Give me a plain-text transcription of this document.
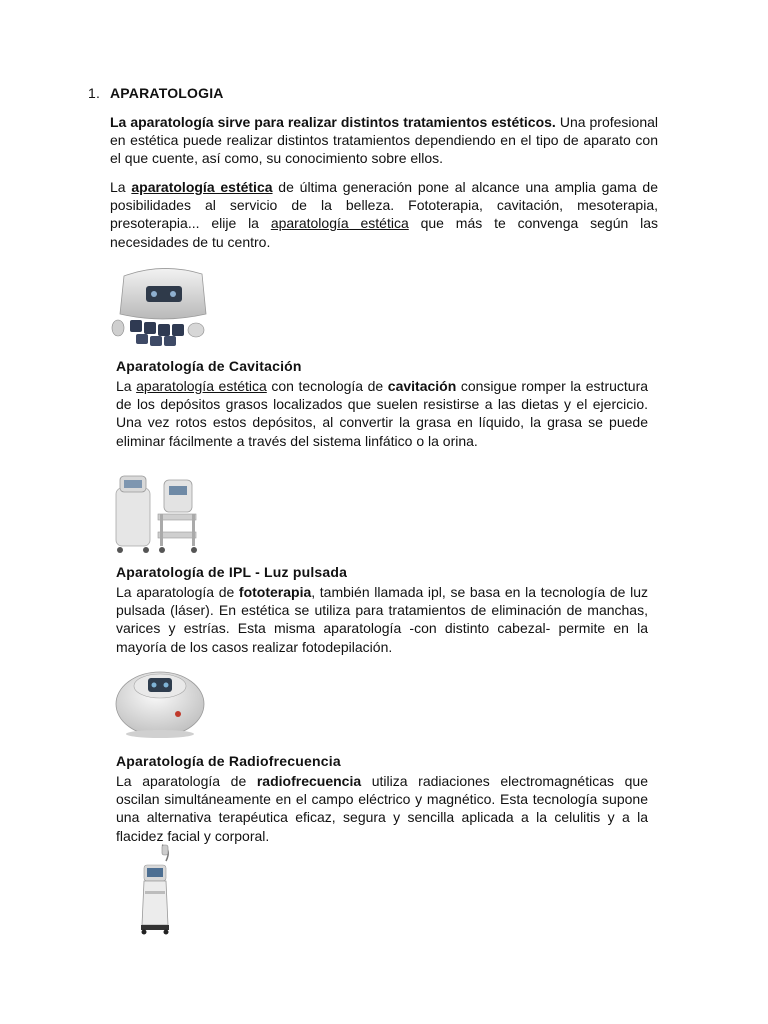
1. APARATOLOGIA
La aparatología sirve para realizar distintos tratamientos estéticos. Una profesional en estética puede realizar distintos tratamientos dependiendo en el tipo de aparato con el que cuente, así como, su conocimiento sobre ellos.
La aparatología estética de última generación pone al alcance una amplia gama de posibilidades al servicio de la belleza. Fototerapia, cavitación, mesoterapia, presoterapia... elije la aparatología estética que más te convenga según las necesidades de tu centro.
Aparatología de Cavitación
La aparatología estética con tecnología de cavitación consigue romper la estructura de los depósitos grasos localizados que suelen resistirse a las dietas y el ejercicio. Una vez rotos estos depósitos, al convertir la grasa en líquido, la grasa se puede eliminar fácilmente a través del sistema linfático o la orina.
Aparatología de IPL - Luz pulsada
La aparatología de fototerapia, también llamada ipl, se basa en la tecnología de luz pulsada (láser). En estética se utiliza para tratamientos de eliminación de manchas, varices y estrías. Esta misma aparatología -con distinto cabezal- permite en la mayoría de los casos realizar fotodepilación.
Aparatología de Radiofrecuencia
La aparatología de radiofrecuencia utiliza radiaciones electromagnéticas que oscilan simultáneamente en el campo eléctrico y magnético. Esta tecnología supone una alternativa terapéutica eficaz, segura y sencilla aplicada a la celulitis y a la flacidez facial y corporal.
